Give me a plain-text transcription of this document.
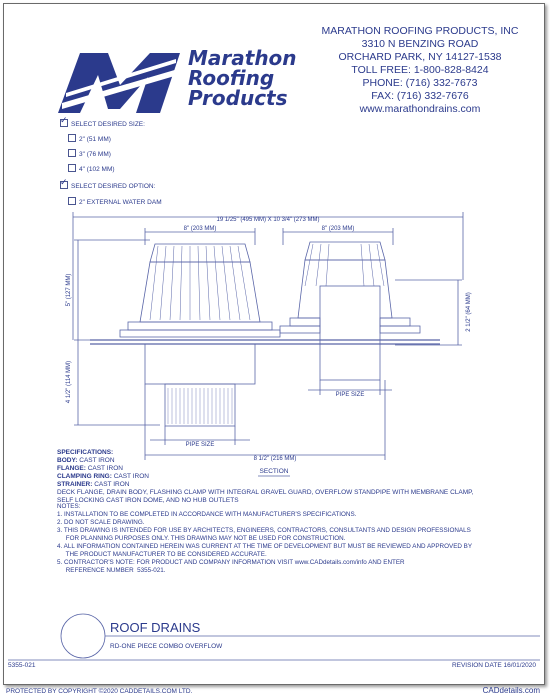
Marathon
Roofing
Products
MARATHON ROOFING PRODUCTS, INC
3310 N BENZING ROAD
ORCHARD PARK, NY 14127-1538
TOLL FREE: 1-800-828-8424
PHONE: (716) 332-7673
FAX: (716) 332-7676
www.marathondrains.com
✓SELECT DESIRED SIZE:
2" (51 MM)
3" (76 MM)
4" (102 MM)
✓SELECT DESIRED OPTION:
2" EXTERNAL WATER DAM
19 1/25" (495 MM) X 10 3/4" (273 MM)
8" (203 MM)	8" (203 MM)
5" (127 MM)
4 1/2" (114 MM)
2 1/2" (64 MM)
PIPE SIZE
PIPE SIZE
8 1/2" (216 MM)
SECTION
SPECIFICATIONS:
BODY: CAST IRON
FLANGE: CAST IRON
CLAMPING RING: CAST IRON
STRAINER: CAST IRON
DECK FLANGE, DRAIN BODY, FLASHING CLAMP WITH INTEGRAL GRAVEL GUARD, OVERFLOW STANDPIPE WITH MEMBRANE CLAMP,
SELF LOCKING CAST IRON DOME, AND NO HUB OUTLETS
NOTES:
1. INSTALLATION TO BE COMPLETED IN ACCORDANCE WITH MANUFACTURER'S SPECIFICATIONS.
2. DO NOT SCALE DRAWING.
3. THIS DRAWING IS INTENDED FOR USE BY ARCHITECTS, ENGINEERS, CONTRACTORS, CONSULTANTS AND DESIGN PROFESSIONALS
FOR PLANNING PURPOSES ONLY. THIS DRAWING MAY NOT BE USED FOR CONSTRUCTION.
4. ALL INFORMATION CONTAINED HEREIN WAS CURRENT AT THE TIME OF DEVELOPMENT BUT MUST BE REVIEWED AND APPROVED BY
THE PRODUCT MANUFACTURER TO BE CONSIDERED ACCURATE.
5. CONTRACTOR'S NOTE: FOR PRODUCT AND COMPANY INFORMATION VISIT www.CADdetails.com/info AND ENTER
REFERENCE NUMBER  5355-021.
ROOF DRAINS
RD-ONE PIECE COMBO OVERFLOW
5355-021	REVISION DATE 16/01/2020
PROTECTED BY COPYRIGHT ©2020 CADDETAILS.COM LTD.	CADdetails.com
